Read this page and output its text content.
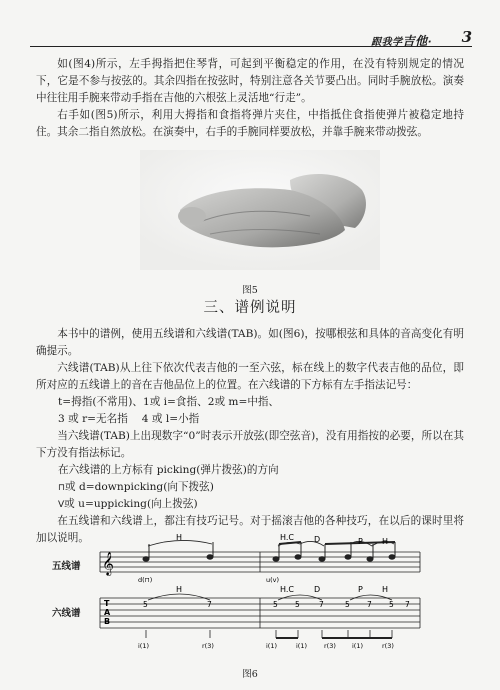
跟我学吉他· 3

如(图4)所示，左手拇指把住琴背，可起到平衡稳定的作用，在没有特别规定的情况下，它是不参与按弦的。其余四指在按弦时，特别注意各关节要凸出。同时手腕放松。演奏中往往用手腕来带动手指在吉他的六根弦上灵活地“行走”。

右手如(图5)所示，利用大拇指和食指将弹片夹住，中指抵住食指使弹片被稳定地持住。其余二指自然放松。在演奏中，右手的手腕同样要放松，并靠手腕来带动拨弦。

图5
三、谱例说明

本书中的谱例，使用五线谱和六线谱(TAB)。如(图6)，按哪根弦和具体的音高变化有明确提示。

六线谱(TAB)从上往下依次代表吉他的一至六弦，标在线上的数字代表吉他的品位，即所对应的五线谱上的音在吉他品位上的位置。在六线谱的下方标有左手指法记号：

t=拇指(不常用)、1或 i=食指、2或 m=中指、
3 或 r=无名指　 4 或 l=小指

当六线谱(TAB)上出现数字“0”时表示开放弦(即空弦音)，没有用指按的必要，所以在其下方没有指法标记。

在六线谱的上方标有 picking(弹片拨弦)的方向
⊓或 d=downpicking(向下拨弦)
V或 u=uppicking(向上拨弦)

在五线谱和六线谱上，都注有技巧记号。对于摇滚吉他的各种技巧，在以后的课时里将加以说明。

五线谱
六线谱
𝄞
H	H.C D	P H
d(⊓)	u(v)
T
A
B
5	7	5 5	7	5 7 5 7
H	H.C D	P H
i(1)	r(3)	i(1)	i(1)	r(3) i(1)	r(3)
图6
